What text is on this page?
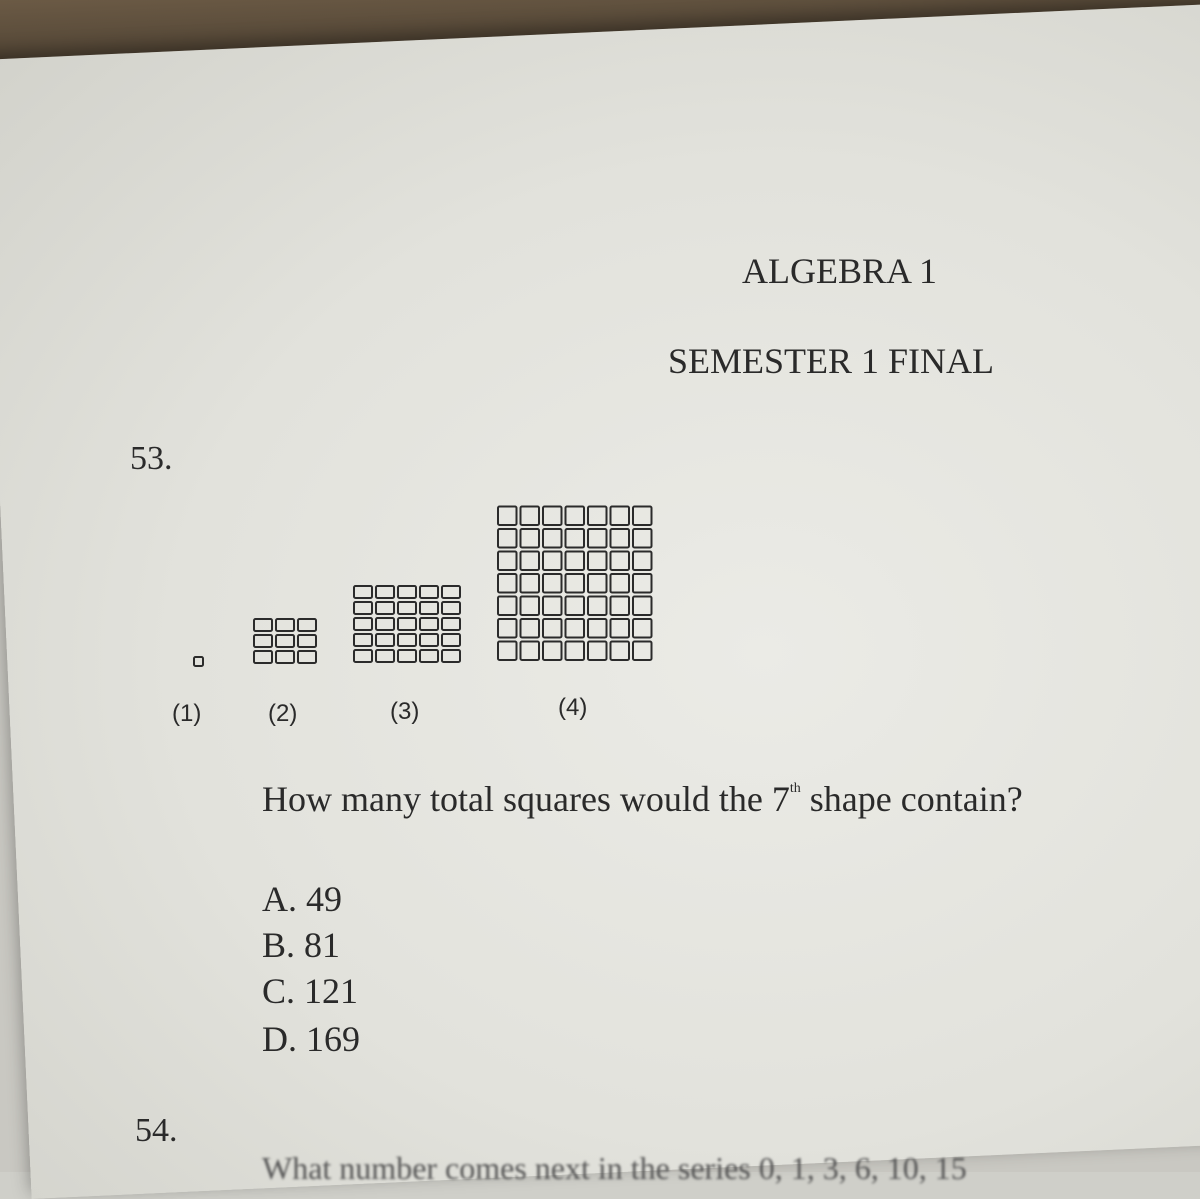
ALGEBRA 1
SEMESTER 1 FINAL
53.
(1)	(2)	(3)	(4)
How many total squares would the 7th shape contain?
A. 49
B. 81
C. 121
D. 169
54.
What number comes next in the series 0, 1, 3, 6, 10, 15
